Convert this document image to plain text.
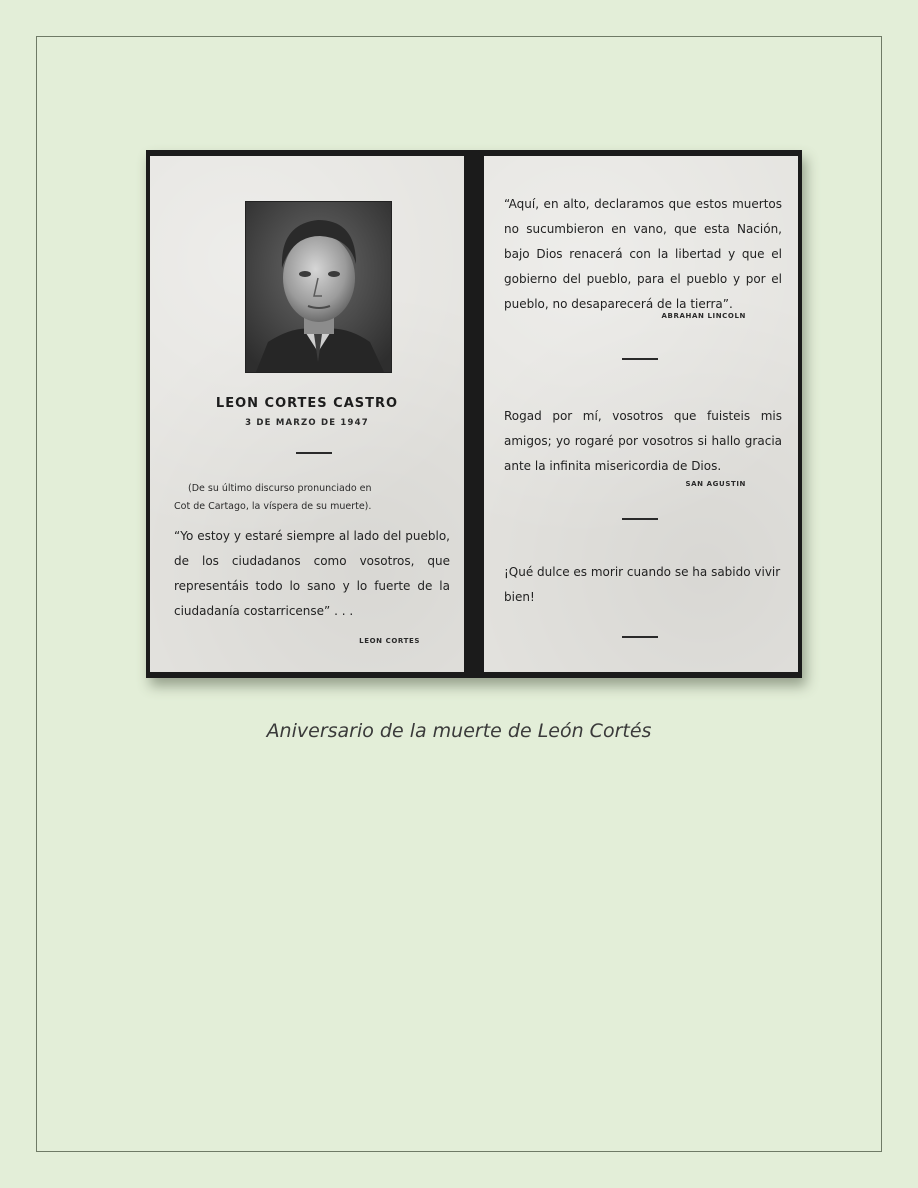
LEON CORTES CASTRO
3 DE MARZO DE 1947
(De su último discurso pronunciado en
Cot de Cartago, la víspera de su muerte).
“Yo estoy y estaré siempre al lado del pueblo, de los ciudadanos como vosotros, que representáis todo lo sano y lo fuerte de la ciudadanía costarricense” . . .
LEON CORTES
“Aquí, en alto, declaramos que estos muertos no sucumbieron en vano, que esta Nación, bajo Dios renacerá con la libertad y que el gobierno del pueblo, para el pueblo y por el pueblo, no desaparecerá de la tierra”.
ABRAHAN LINCOLN
Rogad por mí, vosotros que fuisteis mis amigos; yo rogaré por vosotros si hallo gracia ante la infinita misericordia de Dios.
SAN AGUSTIN
¡Qué dulce es morir cuando se ha sabido vivir bien!
Aniversario de la muerte de León Cortés
